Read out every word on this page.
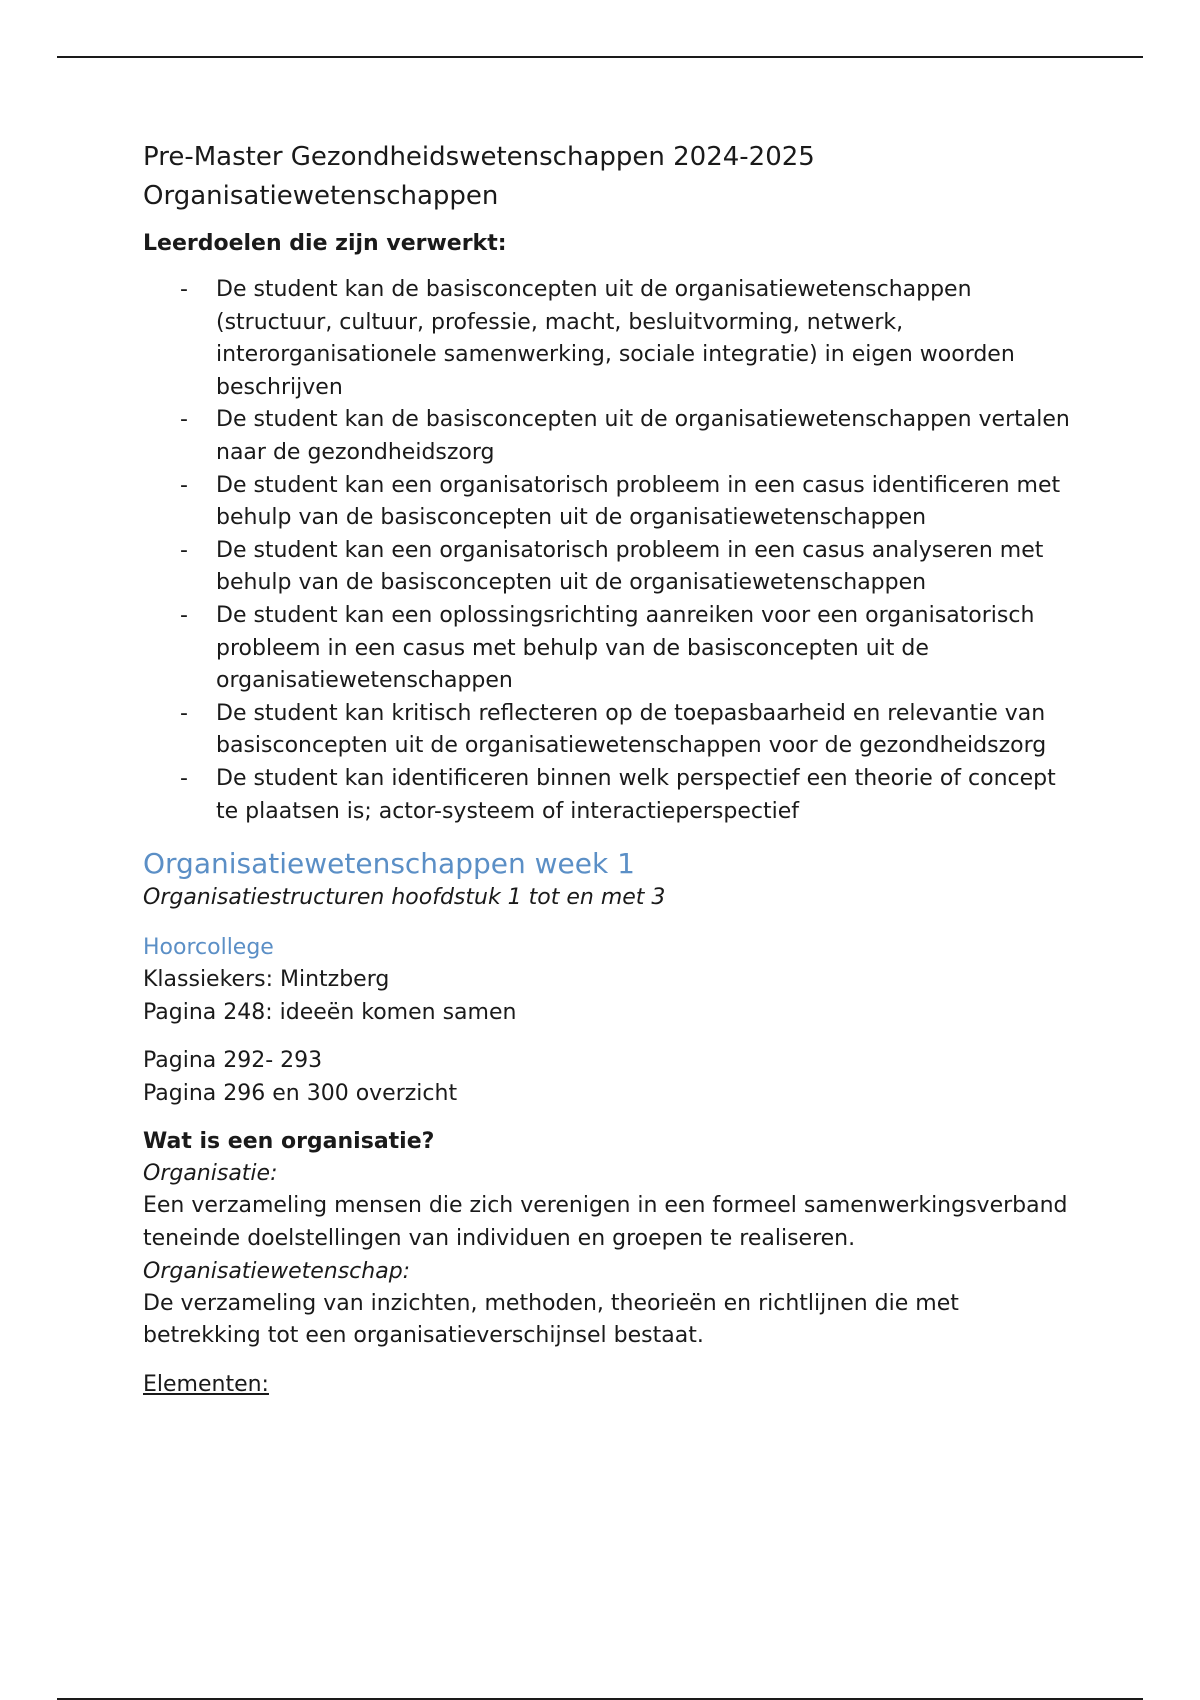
Pre-Master Gezondheidswetenschappen 2024-2025
Organisatiewetenschappen

Leerdoelen die zijn verwerkt:

- De student kan de basisconcepten uit de organisatiewetenschappen (structuur, cultuur, professie, macht, besluitvorming, netwerk, interorganisationele samenwerking, sociale integratie) in eigen woorden beschrijven
- De student kan de basisconcepten uit de organisatiewetenschappen vertalen naar de gezondheidszorg
- De student kan een organisatorisch probleem in een casus identificeren met behulp van de basisconcepten uit de organisatiewetenschappen
- De student kan een organisatorisch probleem in een casus analyseren met behulp van de basisconcepten uit de organisatiewetenschappen
- De student kan een oplossingsrichting aanreiken voor een organisatorisch probleem in een casus met behulp van de basisconcepten uit de organisatiewetenschappen
- De student kan kritisch reflecteren op de toepasbaarheid en relevantie van basisconcepten uit de organisatiewetenschappen voor de gezondheidszorg
- De student kan identificeren binnen welk perspectief een theorie of concept te plaatsen is; actor-systeem of interactieperspectief
Organisatiewetenschappen week 1

Organisatiestructuren hoofdstuk 1 tot en met 3

Hoorcollege

Klassiekers: Mintzberg

Pagina 248: ideeën komen samen

Pagina 292- 293

Pagina 296 en 300 overzicht

Wat is een organisatie?

Organisatie:

Een verzameling mensen die zich verenigen in een formeel samenwerkingsverband teneinde doelstellingen van individuen en groepen te realiseren.

Organisatiewetenschap:

De verzameling van inzichten, methoden, theorieën en richtlijnen die met betrekking tot een organisatieverschijnsel bestaat.

Elementen:
